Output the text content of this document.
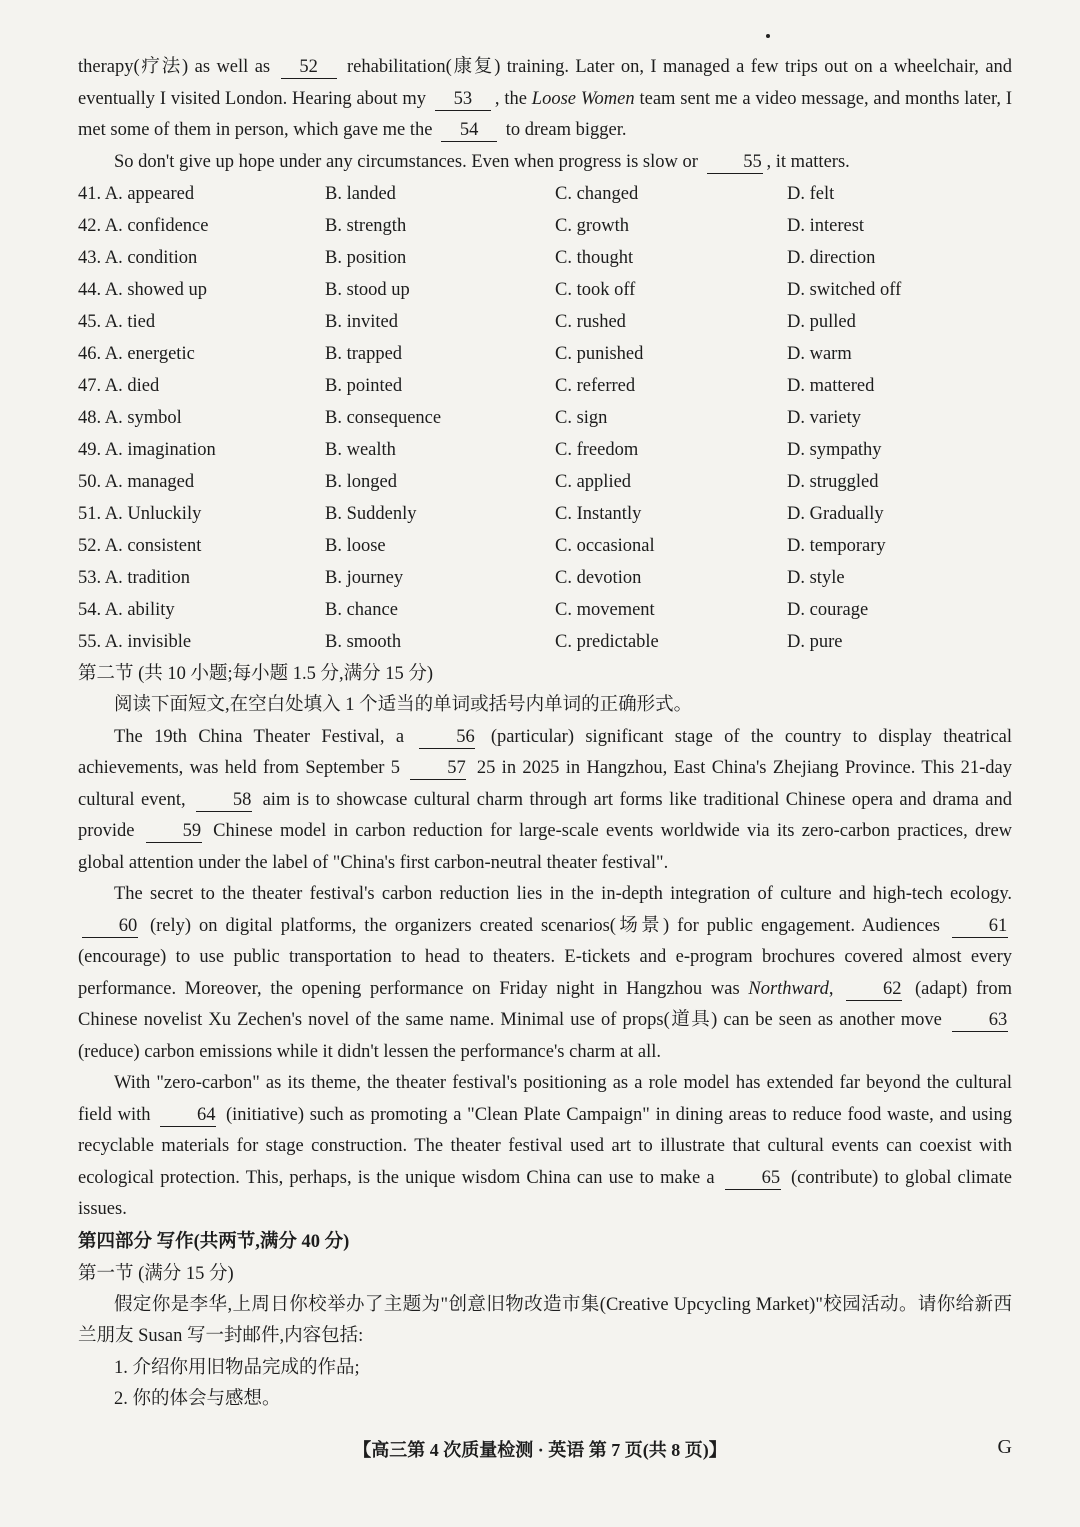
therapy(疗法) as well as 52 rehabilitation(康复) training. Later on, I managed a few trips out on a wheelchair, and eventually I visited London. Hearing about my 53 , the Loose Women team sent me a video message, and months later, I met some of them in person, which gave me the 54 to dream bigger.

So don't give up hope under any circumstances. Even when progress is slow or 55 , it matters.

41. A. appeared	B. landed	C. changed	D. felt
42. A. confidence	B. strength	C. growth	D. interest
43. A. condition	B. position	C. thought	D. direction
44. A. showed up	B. stood up	C. took off	D. switched off
45. A. tied	B. invited	C. rushed	D. pulled
46. A. energetic	B. trapped	C. punished	D. warm
47. A. died	B. pointed	C. referred	D. mattered
48. A. symbol	B. consequence	C. sign	D. variety
49. A. imagination	B. wealth	C. freedom	D. sympathy
50. A. managed	B. longed	C. applied	D. struggled
51. A. Unluckily	B. Suddenly	C. Instantly	D. Gradually
52. A. consistent	B. loose	C. occasional	D. temporary
53. A. tradition	B. journey	C. devotion	D. style
54. A. ability	B. chance	C. movement	D. courage
55. A. invisible	B. smooth	C. predictable	D. pure

第二节 (共 10 小题;每小题 1.5 分,满分 15 分)

阅读下面短文,在空白处填入 1 个适当的单词或括号内单词的正确形式。

The 19th China Theater Festival, a	56 (particular) significant stage of the country to display theatrical achievements, was held from September 5	57 25 in 2025 in Hangzhou, East China's Zhejiang Province. This 21-day cultural event,	58 aim is to showcase cultural charm through art forms like traditional Chinese opera and drama and provide	59 Chinese model in carbon reduction for large-scale events worldwide via its zero-carbon practices, drew global attention under the label of "China's first carbon-neutral theater festival".

The secret to the theater festival's carbon reduction lies in the in-depth integration of culture and high-tech ecology. 60 (rely) on digital platforms, the organizers created scenarios(场景) for public engagement. Audiences	61 (encourage) to use public transportation to head to theaters. E-tickets and e-program brochures covered almost every performance. Moreover, the opening performance on Friday night in Hangzhou was Northward,	62 (adapt) from Chinese novelist Xu Zechen's novel of the same name. Minimal use of props(道具) can be seen as another move	63 (reduce) carbon emissions while it didn't lessen the performance's charm at all.

With "zero-carbon" as its theme, the theater festival's positioning as a role model has extended far beyond the cultural field with	64 (initiative) such as promoting a "Clean Plate Campaign" in dining areas to reduce food waste, and using recyclable materials for stage construction. The theater festival used art to illustrate that cultural events can coexist with ecological protection. This, perhaps, is the unique wisdom China can use to make a	65 (contribute) to global climate issues.

第四部分 写作(共两节,满分 40 分)

第一节 (满分 15 分)

假定你是李华,上周日你校举办了主题为"创意旧物改造市集(Creative Upcycling Market)"校园活动。请你给新西兰朋友 Susan 写一封邮件,内容包括:

1. 介绍你用旧物品完成的作品;

2. 你的体会与感想。

【高三第 4 次质量检测 · 英语 第 7 页(共 8 页)】	G
